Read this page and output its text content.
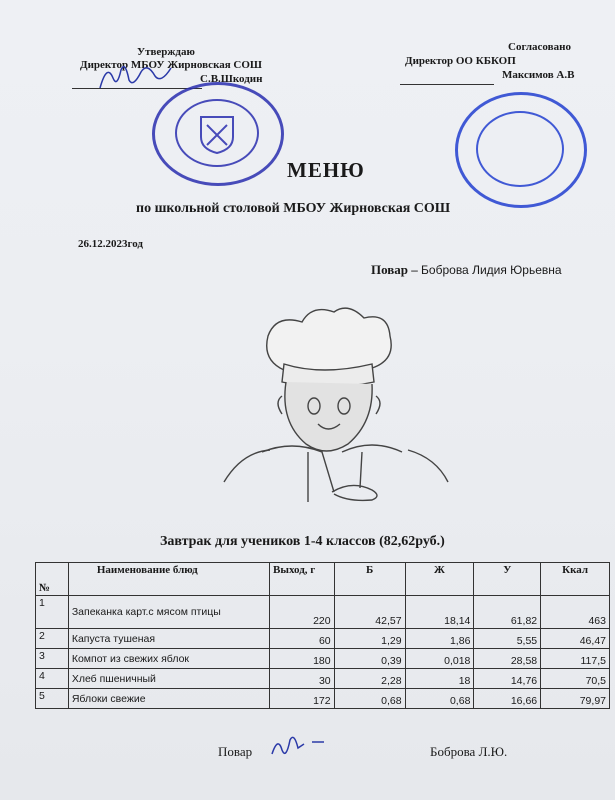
Утверждаю
Директор МБОУ Жирновская СОШ
С.В.Шкодин
Согласовано
Директор ОО КБКОП
Максимов А.В
МЕНЮ
по школьной столовой МБОУ Жирновская СОШ
26.12.2023год
Повар – Боброва Лидия Юрьевна
Завтрак для учеников 1-4 классов (82,62руб.)
№	Наименование блюд	Выход, г	Б	Ж	У	Ккал
1	Запеканка карт.с мясом птицы	220	42,57	18,14	61,82	463
2	Капуста тушеная	60	1,29	1,86	5,55	46,47
3	Компот из свежих яблок	180	0,39	0,018	28,58	117,5
4	Хлеб пшеничный	30	2,28	18	14,76	70,5
5	Яблоки свежие	172	0,68	0,68	16,66	79,97
Повар	Боброва Л.Ю.
